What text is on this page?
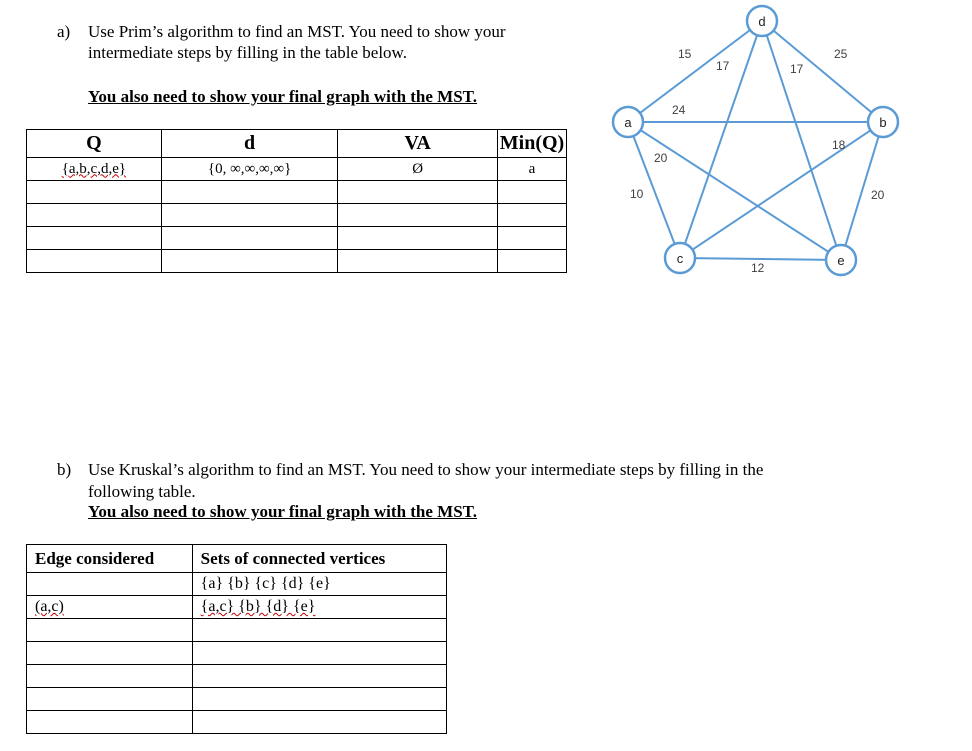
a) Use Prim’s algorithm to find an MST. You need to show your
intermediate steps by filling in the table below.
You also need to show your final graph with the MST.
Q	d	VA	Min(Q)
{a,b,c,d,e}	{0, ∞,∞,∞,∞}	Ø	a

15	25
17	17
24
20
10
18
20
12
a	b
c
d
e
b) Use Kruskal’s algorithm to find an MST. You need to show your intermediate steps by filling in the
following table.
You also need to show your final graph with the MST.
Edge considered	Sets of connected vertices
	{a} {b} {c} {d} {e}
(a,c)	{a,c} {b} {d} {e}
